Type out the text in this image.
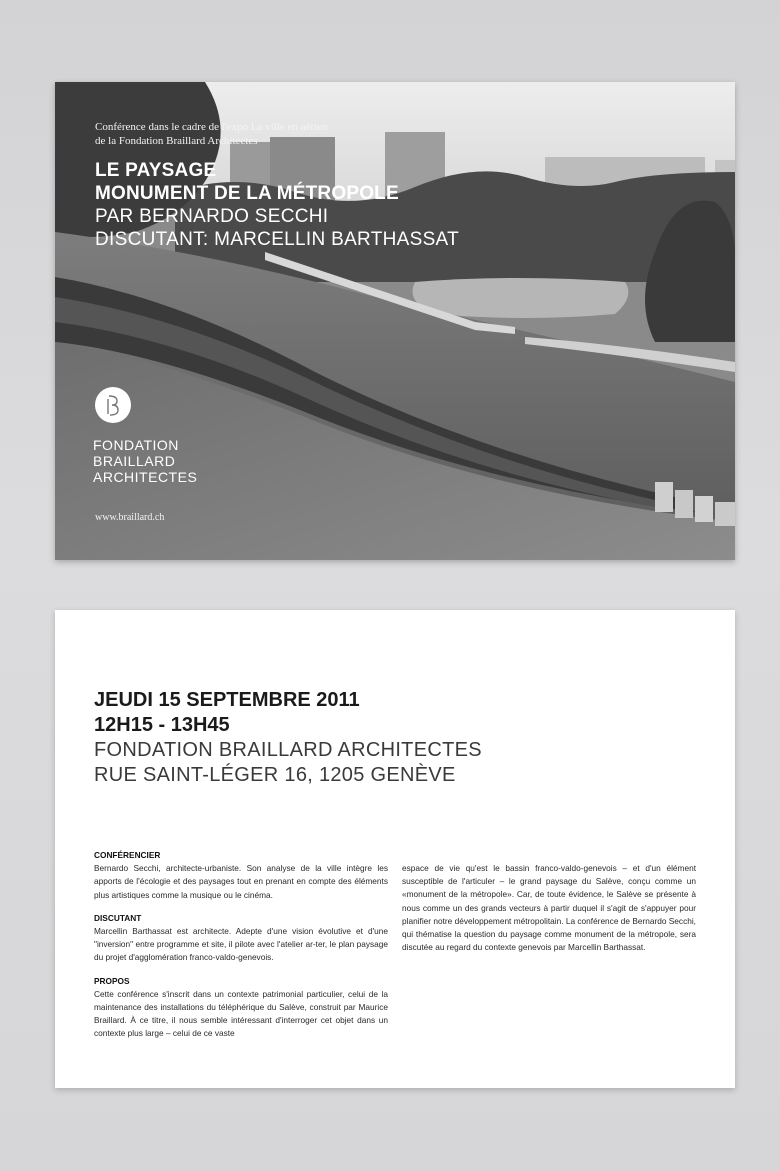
Conférence dans le cadre de l'expo La ville en aérien
de la Fondation Braillard Architectes
LE PAYSAGE
MONUMENT DE LA MÉTROPOLE
PAR BERNARDO SECCHI
DISCUTANT: MARCELLIN BARTHASSAT
FONDATION
BRAILLARD
ARCHITECTES
www.braillard.ch
JEUDI 15 SEPTEMBRE 2011
12H15 - 13H45
FONDATION BRAILLARD ARCHITECTES
RUE SAINT-LÉGER 16, 1205 GENÈVE
CONFÉRENCIER
Bernardo Secchi, architecte-urbaniste. Son analyse de la ville intègre les apports de l'écologie et des paysages tout en prenant en compte des éléments plus artistiques comme la musique ou le cinéma.
DISCUTANT
Marcellin Barthassat est architecte. Adepte d'une vision évolutive et d'une "inversion" entre programme et site, il pilote avec l'atelier ar-ter, le plan paysage du projet d'agglomération franco-valdo-genevois.
PROPOS
Cette conférence s'inscrit dans un contexte patrimonial particulier, celui de la maintenance des installations du téléphérique du Salève, construit par Maurice Braillard. À ce titre, il nous semble intéressant d'interroger cet objet dans un contexte plus large – celui de ce vaste
espace de vie qu'est le bassin franco-valdo-genevois – et d'un élément susceptible de l'articuler – le grand paysage du Salève, conçu comme un «monument de la métropole». Car, de toute évidence, le Salève se présente à nous comme un des grands vecteurs à partir duquel il s'agit de s'appuyer pour planifier notre développement métropolitain. La conférence de Bernardo Secchi, qui thématise la question du paysage comme monument de la métropole, sera discutée au regard du contexte genevois par Marcellin Barthassat.
